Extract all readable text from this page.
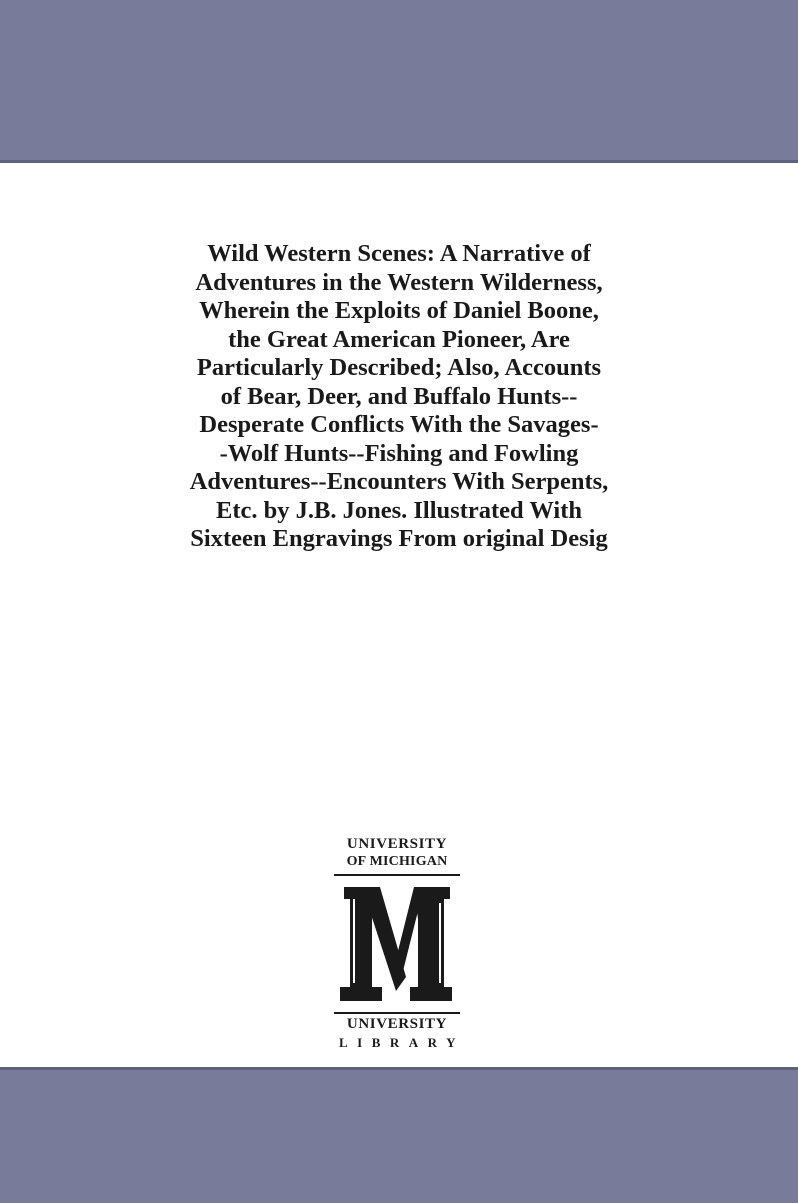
Wild Western Scenes: A Narrative of
Adventures in the Western Wilderness,
Wherein the Exploits of Daniel Boone,
the Great American Pioneer, Are
Particularly Described; Also, Accounts
of Bear, Deer, and Buffalo Hunts--
Desperate Conflicts With the Savages-
-Wolf Hunts--Fishing and Fowling
Adventures--Encounters With Serpents,
Etc. by J.B. Jones. Illustrated With
Sixteen Engravings From original Desig
UNIVERSITY
OF MICHIGAN
UNIVERSITY
LIBRARY
